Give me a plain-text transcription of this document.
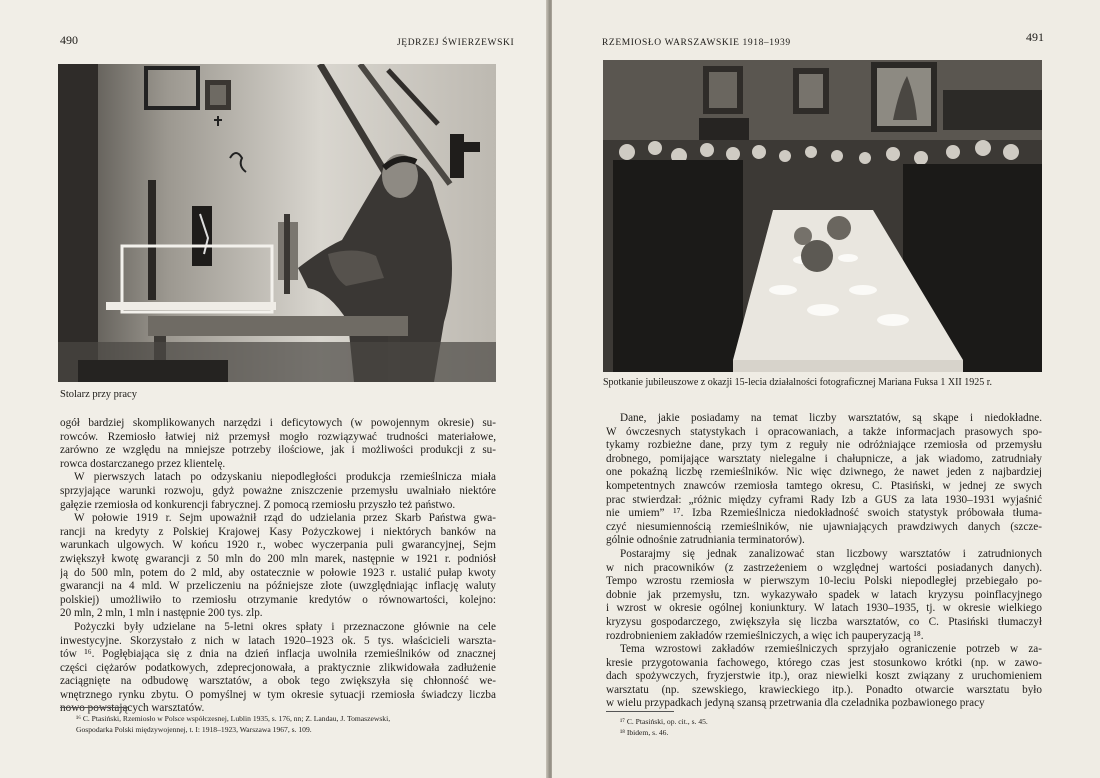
490	JĘDRZEJ ŚWIERZEWSKI
Stolarz przy pracy
ogół bardziej skomplikowanych narzędzi i deficytowych (w powojennym okresie) su-
rowców. Rzemiosło łatwiej niż przemysł mogło rozwiązywać trudności materiałowe,
zarówno ze względu na mniejsze potrzeby ilościowe, jak i możliwości produkcji z su-
rowca dostarczanego przez klientelę.
W pierwszych latach po odzyskaniu niepodległości produkcja rzemieślnicza miała
sprzyjające warunki rozwoju, gdyż poważne zniszczenie przemysłu uwalniało niektóre
gałęzie rzemiosła od konkurencji fabrycznej. Z pomocą rzemiosłu przyszło też państwo.
W połowie 1919 r. Sejm upoważnił rząd do udzielania przez Skarb Państwa gwa-
rancji na kredyty z Polskiej Krajowej Kasy Pożyczkowej i niektórych banków na
warunkach ulgowych. W końcu 1920 r., wobec wyczerpania puli gwarancyjnej, Sejm
zwiększył kwotę gwarancji z 50 mln do 200 mln marek, następnie w 1921 r. podniósł
ją do 500 mln, potem do 2 mld, aby ostatecznie w połowie 1923 r. ustalić pułap kwoty
gwarancji na 4 mld. W przeliczeniu na późniejsze złote (uwzględniając inflację waluty
polskiej) umożliwiło to rzemiosłu otrzymanie kredytów o równowartości, kolejno:
20 mln, 2 mln, 1 mln i następnie 200 tys. zlp.
Pożyczki były udzielane na 5-letni okres spłaty i przeznaczone głównie na cele
inwestycyjne. Skorzystało z nich w latach 1920–1923 ok. 5 tys. właścicieli warszta-
tów ¹⁶. Pogłębiająca się z dnia na dzień inflacja uwolniła rzemieślników od znacznej
części ciężarów podatkowych, zdeprecjonowała, a praktycznie zlikwidowała zadłużenie
zaciągnięte na odbudowę warsztatów, a obok tego zwiększyła się chłonność we-
wnętrznego rynku zbytu. O pomyślnej w tym okresie sytuacji rzemiosła świadczy liczba
nowo powstających warsztatów.
¹⁶ C. Ptasiński, Rzemiosło w Polsce współczesnej, Lublin 1935, s. 176, nn; Z. Landau, J. Tomaszewski,
Gospodarka Polski międzywojennej, t. I: 1918–1923, Warszawa 1967, s. 109.
RZEMIOSŁO WARSZAWSKIE 1918–1939	491
Spotkanie jubileuszowe z okazji 15-lecia działalności fotograficznej Mariana Fuksa 1 XII 1925 r.
Dane, jakie posiadamy na temat liczby warsztatów, są skąpe i niedokładne.
W ówczesnych statystykach i opracowaniach, a także informacjach prasowych spo-
tykamy rozbieżne dane, przy tym z reguły nie odróżniające rzemiosła od przemysłu
drobnego, pomijające warsztaty nielegalne i chałupnicze, a jak wiadomo, zatrudniały
one pokaźną liczbę rzemieślników. Nic więc dziwnego, że nawet jeden z najbardziej
kompetentnych znawców rzemiosła tamtego okresu, C. Ptasiński, w jednej ze swych
prac stwierdzał: „różnic między cyframi Rady Izb a GUS za lata 1930–1931 wyjaśnić
nie umiem” ¹⁷. Izba Rzemieślnicza niedokładność swoich statystyk próbowała tłuma-
czyć niesumiennością rzemieślników, nie ujawniających prawdziwych danych (szcze-
gólnie odnośnie zatrudniania terminatorów).
Postarajmy się jednak zanalizować stan liczbowy warsztatów i zatrudnionych
w nich pracowników (z zastrzeżeniem o względnej wartości posiadanych danych).
Tempo wzrostu rzemiosła w pierwszym 10-leciu Polski niepodległej przebiegało po-
dobnie jak przemysłu, tzn. wykazywało spadek w latach kryzysu poinflacyjnego
i wzrost w okresie ogólnej koniunktury. W latach 1930–1935, tj. w okresie wielkiego
kryzysu gospodarczego, zwiększyła się liczba warsztatów, co C. Ptasiński tłumaczył
rozdrobnieniem zakładów rzemieślniczych, a więc ich pauperyzacją ¹⁸.
Tema wzrostowi zakładów rzemieślniczych sprzyjało ograniczenie potrzeb w za-
kresie przygotowania fachowego, którego czas jest stosunkowo krótki (np. w zawo-
dach spożywczych, fryzjerstwie itp.), oraz niewielki koszt związany z uruchomieniem
warsztatu (np. szewskiego, krawieckiego itp.). Ponadto otwarcie warsztatu było
w wielu przypadkach jedyną szansą przetrwania dla czeladnika pozbawionego pracy
¹⁷ C. Ptasiński, op. cit., s. 45.
¹⁸ Ibidem, s. 46.
